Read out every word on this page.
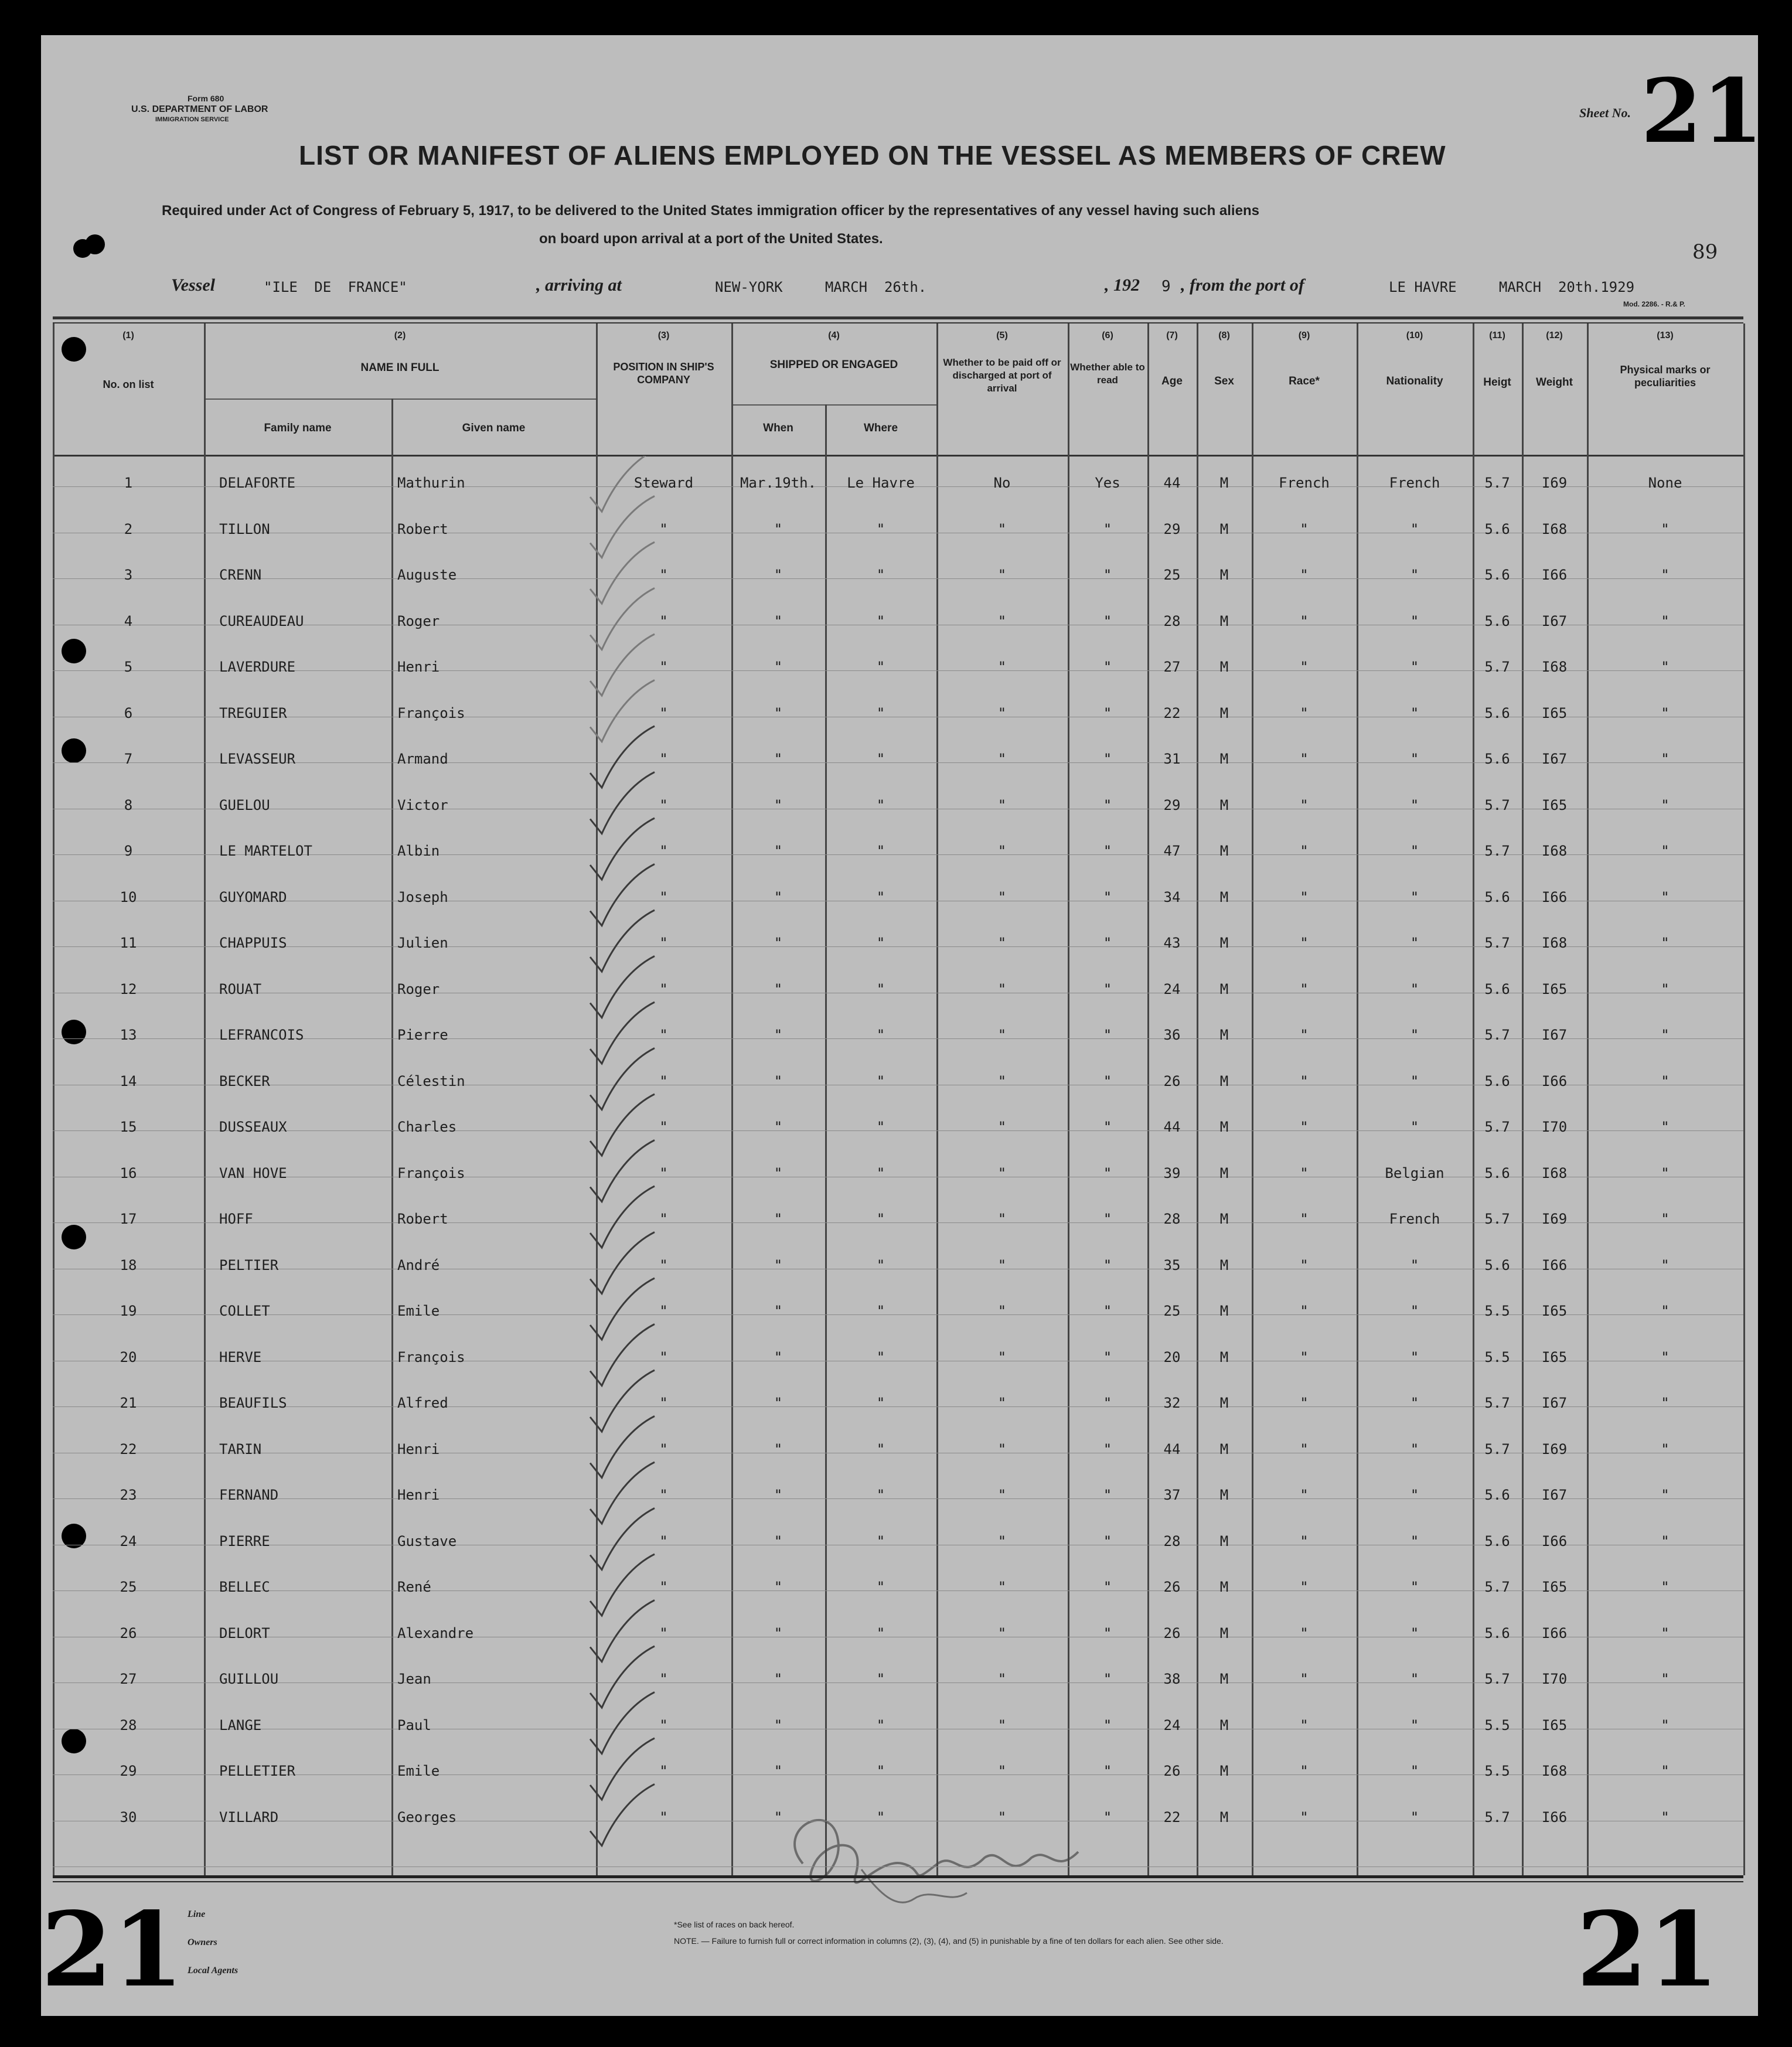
Form 680
U.S. DEPARTMENT OF LABOR
IMMIGRATION SERVICE	Sheet No. 21
LIST OR MANIFEST OF ALIENS EMPLOYED ON THE VESSEL AS MEMBERS OF CREW
Required under Act of Congress of February 5, 1917, to be delivered to the United States immigration officer by the representatives of any vessel having such aliens
on board upon arrival at a port of the United States.
89
Vessel	"ILE DE FRANCE"	, arriving at	NEW-YORK     MARCH  26th.	, 192 9 , from the port of	LE HAVRE     MARCH  20th.1929
Mod. 2286. - R.& P.
21	21
Line
Owners
Local Agents
*See list of races on back hereof.
NOTE. — Failure to furnish full or correct information in columns (2), (3), (4), and (5) in punishable by a fine of ten dollars for each alien. See other side.
(1)	(2)	(3)	(4)	(5)	(6)	(7)	(8)	(9)	(10)	(11)	(12)	(13)
No. on list
NAME IN FULL
Family name	Given name
POSITION IN SHIP'S COMPANY
SHIPPED OR ENGAGED
When	Where
Whether to be paid off or discharged at port of arrival
Whether able to read	Age	Sex	Race*	Nationality	Heigt	Weight
Physical marks or peculiarities
1	DELAFORTE	Mathurin	Steward	Mar.19th.	Le Havre	No	Yes	44	M	French	French	5.7	I69	None
2	TILLON	Robert	"	"	"	"	"	29	M	"	"	5.6	I68	"
3	CRENN	Auguste	"	"	"	"	"	25	M	"	"	5.6	I66	"
4	CUREAUDEAU	Roger	"	"	"	"	"	28	M	"	"	5.6	I67	"
5	LAVERDURE	Henri	"	"	"	"	"	27	M	"	"	5.7	I68	"
6	TREGUIER	François	"	"	"	"	"	22	M	"	"	5.6	I65	"
7	LEVASSEUR	Armand	"	"	"	"	"	31	M	"	"	5.6	I67	"
8	GUELOU	Victor	"	"	"	"	"	29	M	"	"	5.7	I65	"
9	LE MARTELOT	Albin	"	"	"	"	"	47	M	"	"	5.7	I68	"
10	GUYOMARD	Joseph	"	"	"	"	"	34	M	"	"	5.6	I66	"
11	CHAPPUIS	Julien	"	"	"	"	"	43	M	"	"	5.7	I68	"
12	ROUAT	Roger	"	"	"	"	"	24	M	"	"	5.6	I65	"
13	LEFRANCOIS	Pierre	"	"	"	"	"	36	M	"	"	5.7	I67	"
14	BECKER	Célestin	"	"	"	"	"	26	M	"	"	5.6	I66	"
15	DUSSEAUX	Charles	"	"	"	"	"	44	M	"	"	5.7	I70	"
16	VAN HOVE	François	"	"	"	"	"	39	M	"	Belgian	5.6	I68	"
17	HOFF	Robert	"	"	"	"	"	28	M	"	French	5.7	I69	"
18	PELTIER	André	"	"	"	"	"	35	M	"	"	5.6	I66	"
19	COLLET	Emile	"	"	"	"	"	25	M	"	"	5.5	I65	"
20	HERVE	François	"	"	"	"	"	20	M	"	"	5.5	I65	"
21	BEAUFILS	Alfred	"	"	"	"	"	32	M	"	"	5.7	I67	"
22	TARIN	Henri	"	"	"	"	"	44	M	"	"	5.7	I69	"
23	FERNAND	Henri	"	"	"	"	"	37	M	"	"	5.6	I67	"
24	PIERRE	Gustave	"	"	"	"	"	28	M	"	"	5.6	I66	"
25	BELLEC	René	"	"	"	"	"	26	M	"	"	5.7	I65	"
26	DELORT	Alexandre	"	"	"	"	"	26	M	"	"	5.6	I66	"
27	GUILLOU	Jean	"	"	"	"	"	38	M	"	"	5.7	I70	"
28	LANGE	Paul	"	"	"	"	"	24	M	"	"	5.5	I65	"
29	PELLETIER	Emile	"	"	"	"	"	26	M	"	"	5.5	I68	"
30	VILLARD	Georges	"	"	"	"	"	22	M	"	"	5.7	I66	"
